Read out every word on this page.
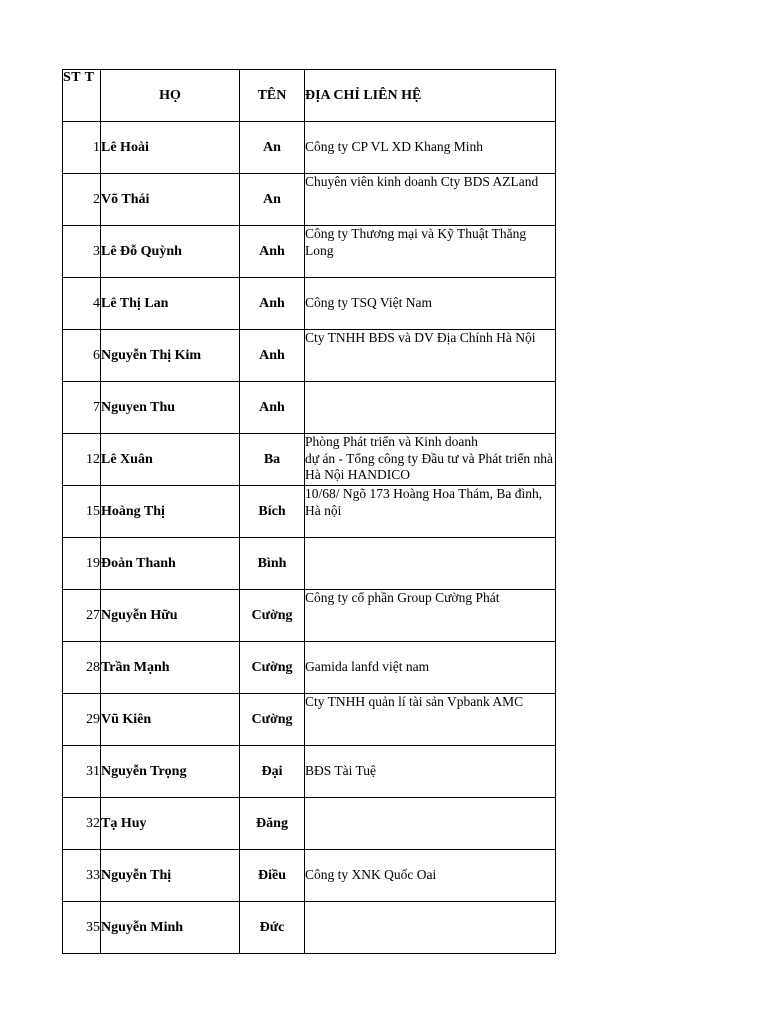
ST T	HỌ	TÊN	ĐỊA CHỈ LIÊN HỆ
1	Lê Hoài	An	Công ty CP VL XD Khang Minh

2	Võ Thái	An	Chuyên viên kinh doanh Cty BDS AZLand

3	Lê Đỗ Quỳnh	Anh	Công ty Thương mại và Kỹ Thuật Thăng Long

4	Lê Thị Lan	Anh	Công ty TSQ Việt Nam

6	Nguyễn Thị Kim	Anh	Cty TNHH BĐS và DV Địa Chính Hà Nội

7	Nguyen Thu	Anh	

12	Lê Xuân	Ba	Phòng Phát triển và Kinh doanh
dự án - Tổng công ty Đầu tư và Phát triển nhà Hà Nội HANDICO

15	Hoàng Thị	Bích	10/68/ Ngõ 173 Hoàng Hoa Thám, Ba đình, Hà nội

19	Đoàn Thanh	Bình	

27	Nguyễn Hữu	Cường	Công ty cổ phần Group Cường Phát

28	Trần Mạnh	Cường	Gamida lanfd việt nam

29	Vũ Kiên	Cường	Cty TNHH quản lí tài sản Vpbank AMC

31	Nguyễn Trọng	Đại	BĐS Tài Tuệ

32	Tạ Huy	Đăng	

33	Nguyễn Thị	Điều	Công ty XNK Quốc Oai

35	Nguyễn Minh	Đức	
